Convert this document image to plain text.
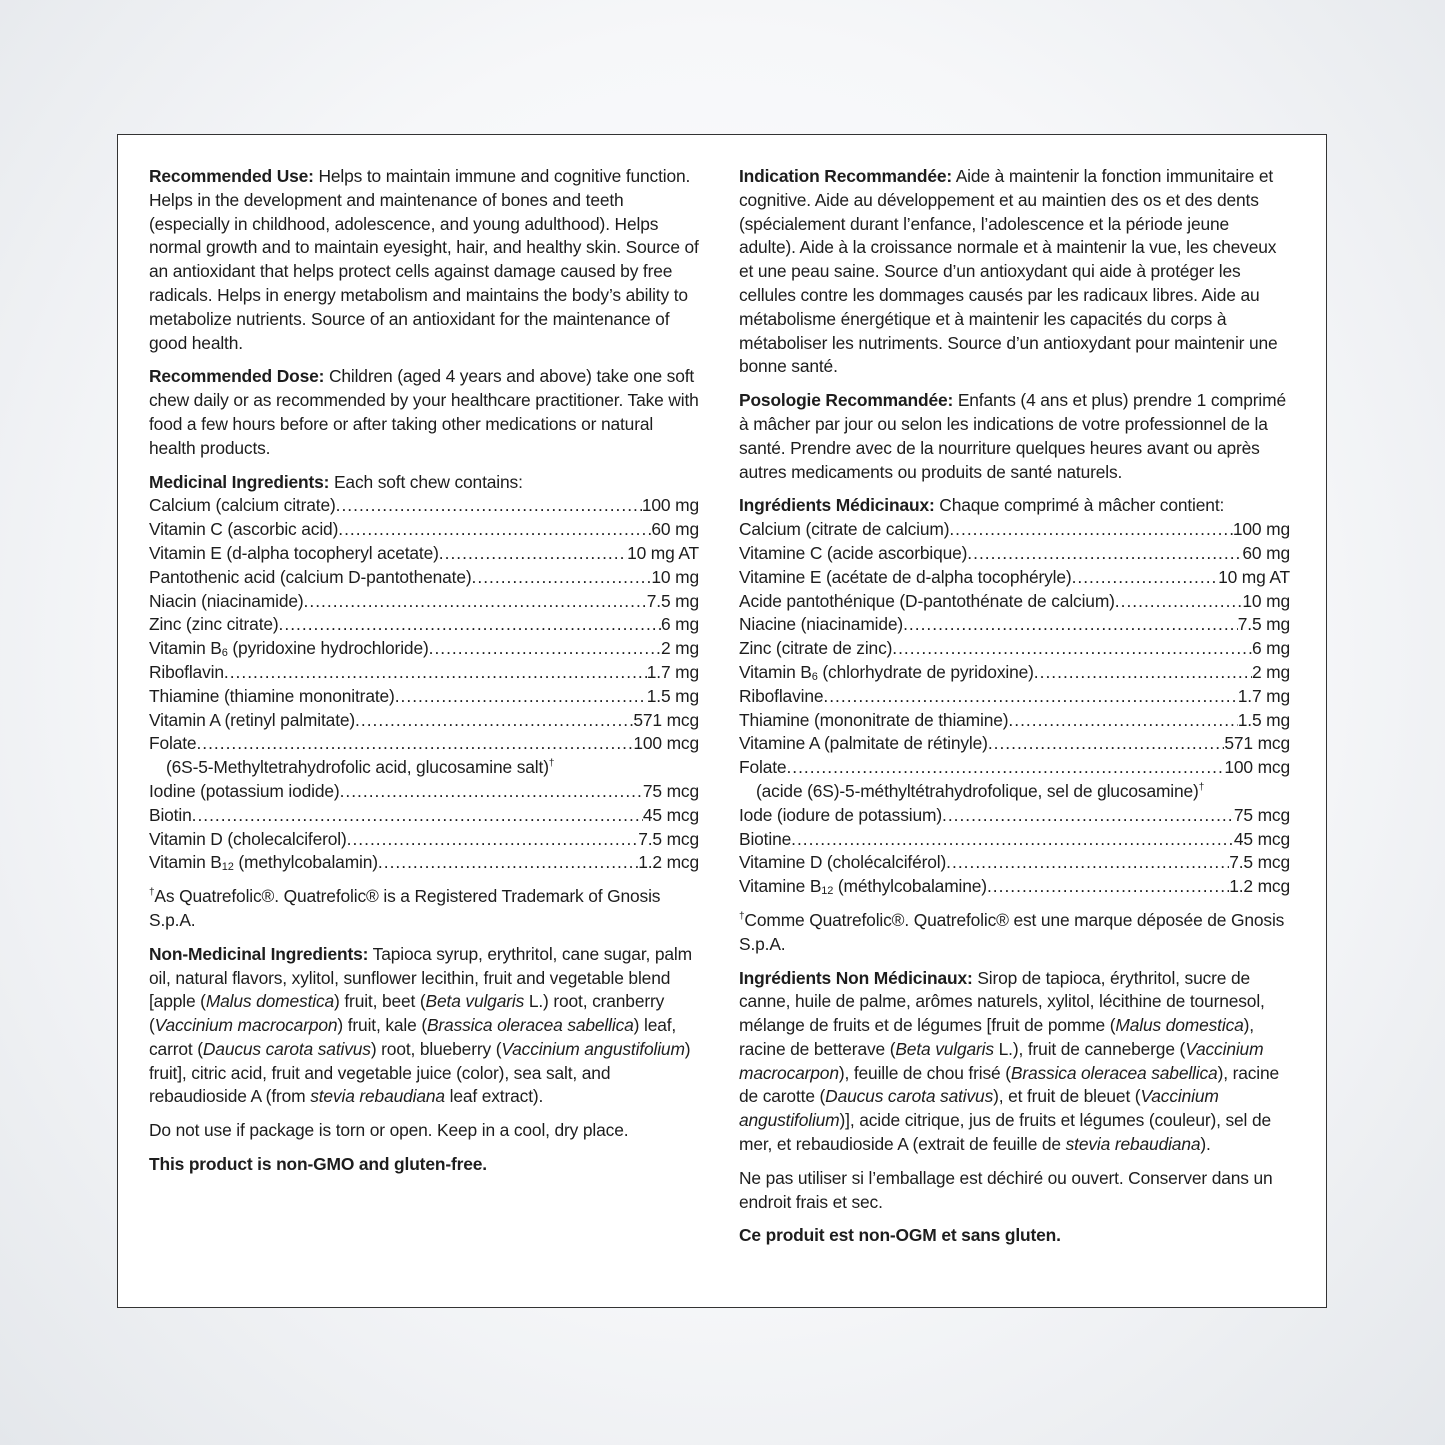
Recommended Use: Helps to maintain immune and cognitive function. Helps in the development and maintenance of bones and teeth (especially in childhood, adolescence, and young adulthood). Helps normal growth and to maintain eyesight, hair, and healthy skin. Source of an antioxidant that helps protect cells against damage caused by free radicals. Helps in energy metabolism and maintains the body’s ability to metabolize nutrients. Source of an antioxidant for the maintenance of good health.

Recommended Dose: Children (aged 4 years and above) take one soft chew daily or as recommended by your healthcare practitioner. Take with food a few hours before or after taking other medications or natural health products.

Medicinal Ingredients: Each soft chew contains:

Calcium (calcium citrate) .....	100 mg
Vitamin C (ascorbic acid) .....	60 mg
Vitamin E (d-alpha tocopheryl acetate) .....	10 mg AT
Pantothenic acid (calcium D-pantothenate) .....	10 mg
Niacin (niacinamide) .....	7.5 mg
Zinc (zinc citrate) .....	6 mg
Vitamin $B_6$ (pyridoxine hydrochloride) .....	2 mg
Riboflavin .....	1.7 mg
Thiamine (thiamine mononitrate) .....	1.5 mg
Vitamin A (retinyl palmitate) .....	571 mcg
Folate .....	100 mcg
(6S-5-Methyltetrahydrofolic acid, glucosamine salt)†
Iodine (potassium iodide) .....	75 mcg
Biotin .....	45 mcg
Vitamin D (cholecalciferol) .....	7.5 mcg
Vitamin $B_{12}$ (methylcobalamin) .....	1.2 mcg

†As Quatrefolic®. Quatrefolic® is a Registered Trademark of Gnosis S.p.A.

Non-Medicinal Ingredients: Tapioca syrup, erythritol, cane sugar, palm oil, natural flavors, xylitol, sunflower lecithin, fruit and vegetable blend [apple (Malus domestica) fruit, beet (Beta vulgaris L.) root, cranberry (Vaccinium macrocarpon) fruit, kale (Brassica oleracea sabellica) leaf, carrot (Daucus carota sativus) root, blueberry (Vaccinium angustifolium) fruit], citric acid, fruit and vegetable juice (color), sea salt, and rebaudioside A (from stevia rebaudiana leaf extract).

Do not use if package is torn or open. Keep in a cool, dry place.

This product is non-GMO and gluten-free.

Indication Recommandée: Aide à maintenir la fonction immunitaire et cognitive. Aide au développement et au maintien des os et des dents (spécialement durant l’enfance, l’adolescence et la période jeune adulte). Aide à la croissance normale et à maintenir la vue, les cheveux et une peau saine. Source d’un antioxydant qui aide à protéger les cellules contre les dommages causés par les radicaux libres. Aide au métabolisme énergétique et à maintenir les capacités du corps à métaboliser les nutriments. Source d’un antioxydant pour maintenir une bonne santé.

Posologie Recommandée: Enfants (4 ans et plus) prendre 1 comprimé à mâcher par jour ou selon les indications de votre professionnel de la santé. Prendre avec de la nourriture quelques heures avant ou après autres medicaments ou produits de santé naturels.

Ingrédients Médicinaux: Chaque comprimé à mâcher contient:

Calcium (citrate de calcium) .....	100 mg
Vitamine C (acide ascorbique) .....	60 mg
Vitamine E (acétate de d-alpha tocophéryle) .....	10 mg AT
Acide pantothénique (D-pantothénate de calcium) .....	10 mg
Niacine (niacinamide) .....	7.5 mg
Zinc (citrate de zinc) .....	6 mg
Vitamin $B_6$ (chlorhydrate de pyridoxine) .....	2 mg
Riboflavine .....	1.7 mg
Thiamine (mononitrate de thiamine) .....	1.5 mg
Vitamine A (palmitate de rétinyle) .....	571 mcg
Folate .....	100 mcg
(acide (6S)-5-méthyltétrahydrofolique, sel de glucosamine)†
Iode (iodure de potassium) .....	75 mcg
Biotine .....	45 mcg
Vitamine D (cholécalciférol) .....	7.5 mcg
Vitamine $B_{12}$ (méthylcobalamine) .....	1.2 mcg

†Comme Quatrefolic®. Quatrefolic® est une marque déposée de Gnosis S.p.A.

Ingrédients Non Médicinaux: Sirop de tapioca, érythritol, sucre de canne, huile de palme, arômes naturels, xylitol, lécithine de tournesol, mélange de fruits et de légumes [fruit de pomme (Malus domestica), racine de betterave (Beta vulgaris L.), fruit de canneberge (Vaccinium macrocarpon), feuille de chou frisé (Brassica oleracea sabellica), racine de carotte (Daucus carota sativus), et fruit de bleuet (Vaccinium angustifolium)], acide citrique, jus de fruits et légumes (couleur), sel de mer, et rebaudioside A (extrait de feuille de stevia rebaudiana).

Ne pas utiliser si l’emballage est déchiré ou ouvert. Conserver dans un endroit frais et sec.

Ce produit est non-OGM et sans gluten.
